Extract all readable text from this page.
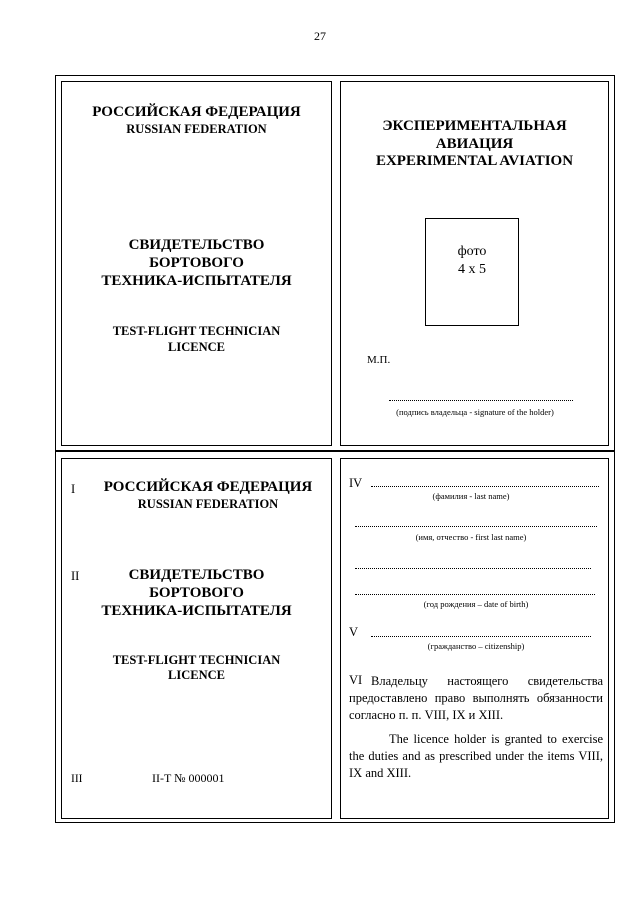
27
РОССИЙСКАЯ ФЕДЕРАЦИЯ
RUSSIAN FEDERATION
СВИДЕТЕЛЬСТВО
БОРТОВОГО
ТЕХНИКА-ИСПЫТАТЕЛЯ
TEST-FLIGHT TECHNICIAN
LICENCE
ЭКСПЕРИМЕНТАЛЬНАЯ
АВИАЦИЯ
EXPERIMENTAL AVIATION
фото
4 x 5
М.П.
(подпись владельца - signature of the holder)
I	РОССИЙСКАЯ ФЕДЕРАЦИЯ
RUSSIAN FEDERATION
II	СВИДЕТЕЛЬСТВО
БОРТОВОГО
ТЕХНИКА-ИСПЫТАТЕЛЯ
TEST-FLIGHT TECHNICIAN
LICENCE
III	II-T № 000001
IV
(фамилия - last name)
(имя, отчество - first last name)
(год рождения – date of birth)
V
(гражданство – citizenship)
VI Владельцу настоящего свидетельства предоставлено право выполнять обязанности согласно п. п. VIII, IX и XIII.
The licence holder is granted to exercise the duties and as prescribed under the items VIII, IX and XIII.
